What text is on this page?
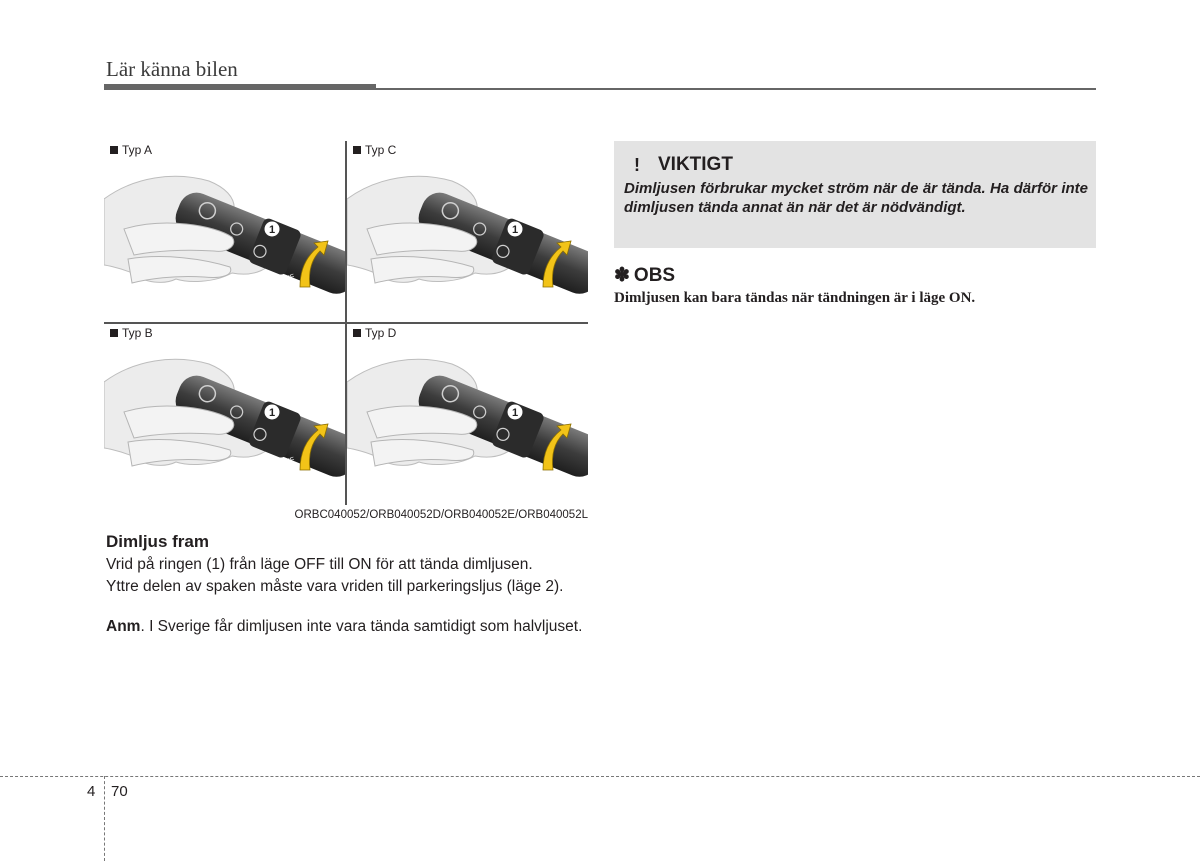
Lär känna bilen
Typ A
1
OFF
Typ C
1
O
Typ B
1
OFF
Typ D
1
O
ORBC040052/ORB040052D/ORB040052E/ORB040052L
Dimljus fram
Vrid på ringen (1) från läge OFF till ON för att tända dimljusen.
Yttre delen av spaken måste vara vriden till parkeringsljus (läge 2).
Anm. I Sverige får dimljusen inte vara tända samtidigt som halvljuset.
! VIKTIGT
Dimljusen förbrukar mycket ström när de är tända. Ha därför inte dimljusen tända annat än när det är nödvändigt.
✽ OBS
Dimljusen kan bara tändas när tändningen är i läge ON.
4 70
